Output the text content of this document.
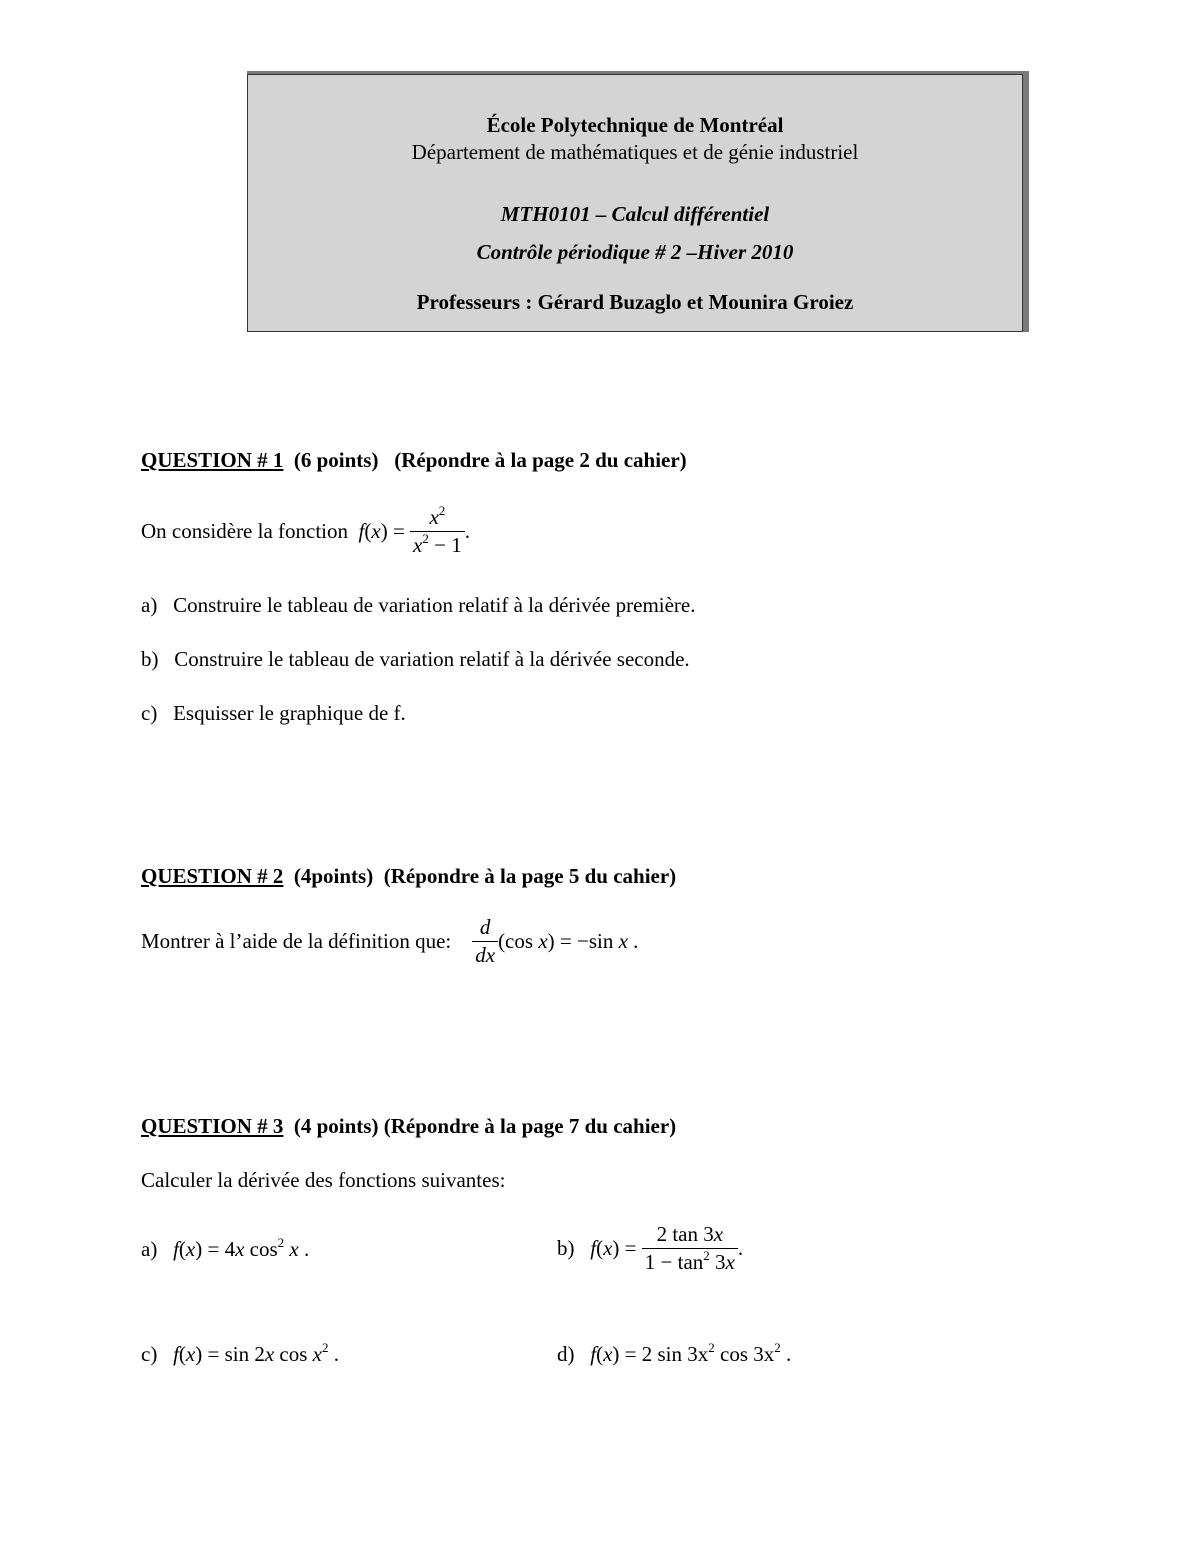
École Polytechnique de Montréal
Département de mathématiques et de génie industriel
MTH0101 – Calcul différentiel
Contrôle périodique # 2 –Hiver 2010
Professeurs : Gérard Buzaglo et Mounira Groiez
QUESTION # 1 (6 points) (Répondre à la page 2 du cahier)
On considère la fonction $f(x) = \frac{x^2}{x^2 - 1}$ .
a) Construire le tableau de variation relatif à la dérivée première.
b) Construire le tableau de variation relatif à la dérivée seconde.
c) Esquisser le graphique de f.
QUESTION # 2 (4points) (Répondre à la page 5 du cahier)
Montrer à l’aide de la définition que: $\frac{d}{dx} (\cos$ x) = −sin x .
QUESTION # 3 (4 points) (Répondre à la page 7 du cahier)
Calculer la dérivée des fonctions suivantes:
a) f(x) = 4x $\cos^2 x$ .	b) $f(x) = \frac{2 \tan 3x}{1 - \tan^2 3x}$ .
c) f(x) = sin 2x $\cos x^2$ .	d) f(x) = 2 $\sin 3x^2$ $\cos 3x^2$ .
